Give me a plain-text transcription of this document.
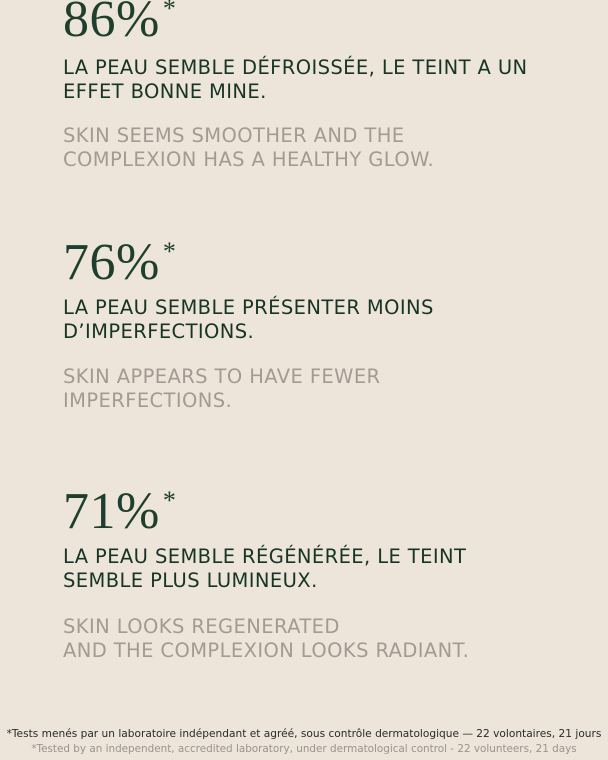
86% *
LA PEAU SEMBLE DÉFROISSÉE, LE TEINT A UN
EFFET BONNE MINE.
SKIN SEEMS SMOOTHER AND THE
COMPLEXION HAS A HEALTHY GLOW.
76% *
LA PEAU SEMBLE PRÉSENTER MOINS
D’IMPERFECTIONS.
SKIN APPEARS TO HAVE FEWER
IMPERFECTIONS.
71% *
LA PEAU SEMBLE RÉGÉNÉRÉE, LE TEINT
SEMBLE PLUS LUMINEUX.
SKIN LOOKS REGENERATED
AND THE COMPLEXION LOOKS RADIANT.
*Tests menés par un laboratoire indépendant et agréé, sous contrôle dermatologique — 22 volontaires, 21 jours
*Tested by an independent, accredited laboratory, under dermatological control - 22 volunteers, 21 days
